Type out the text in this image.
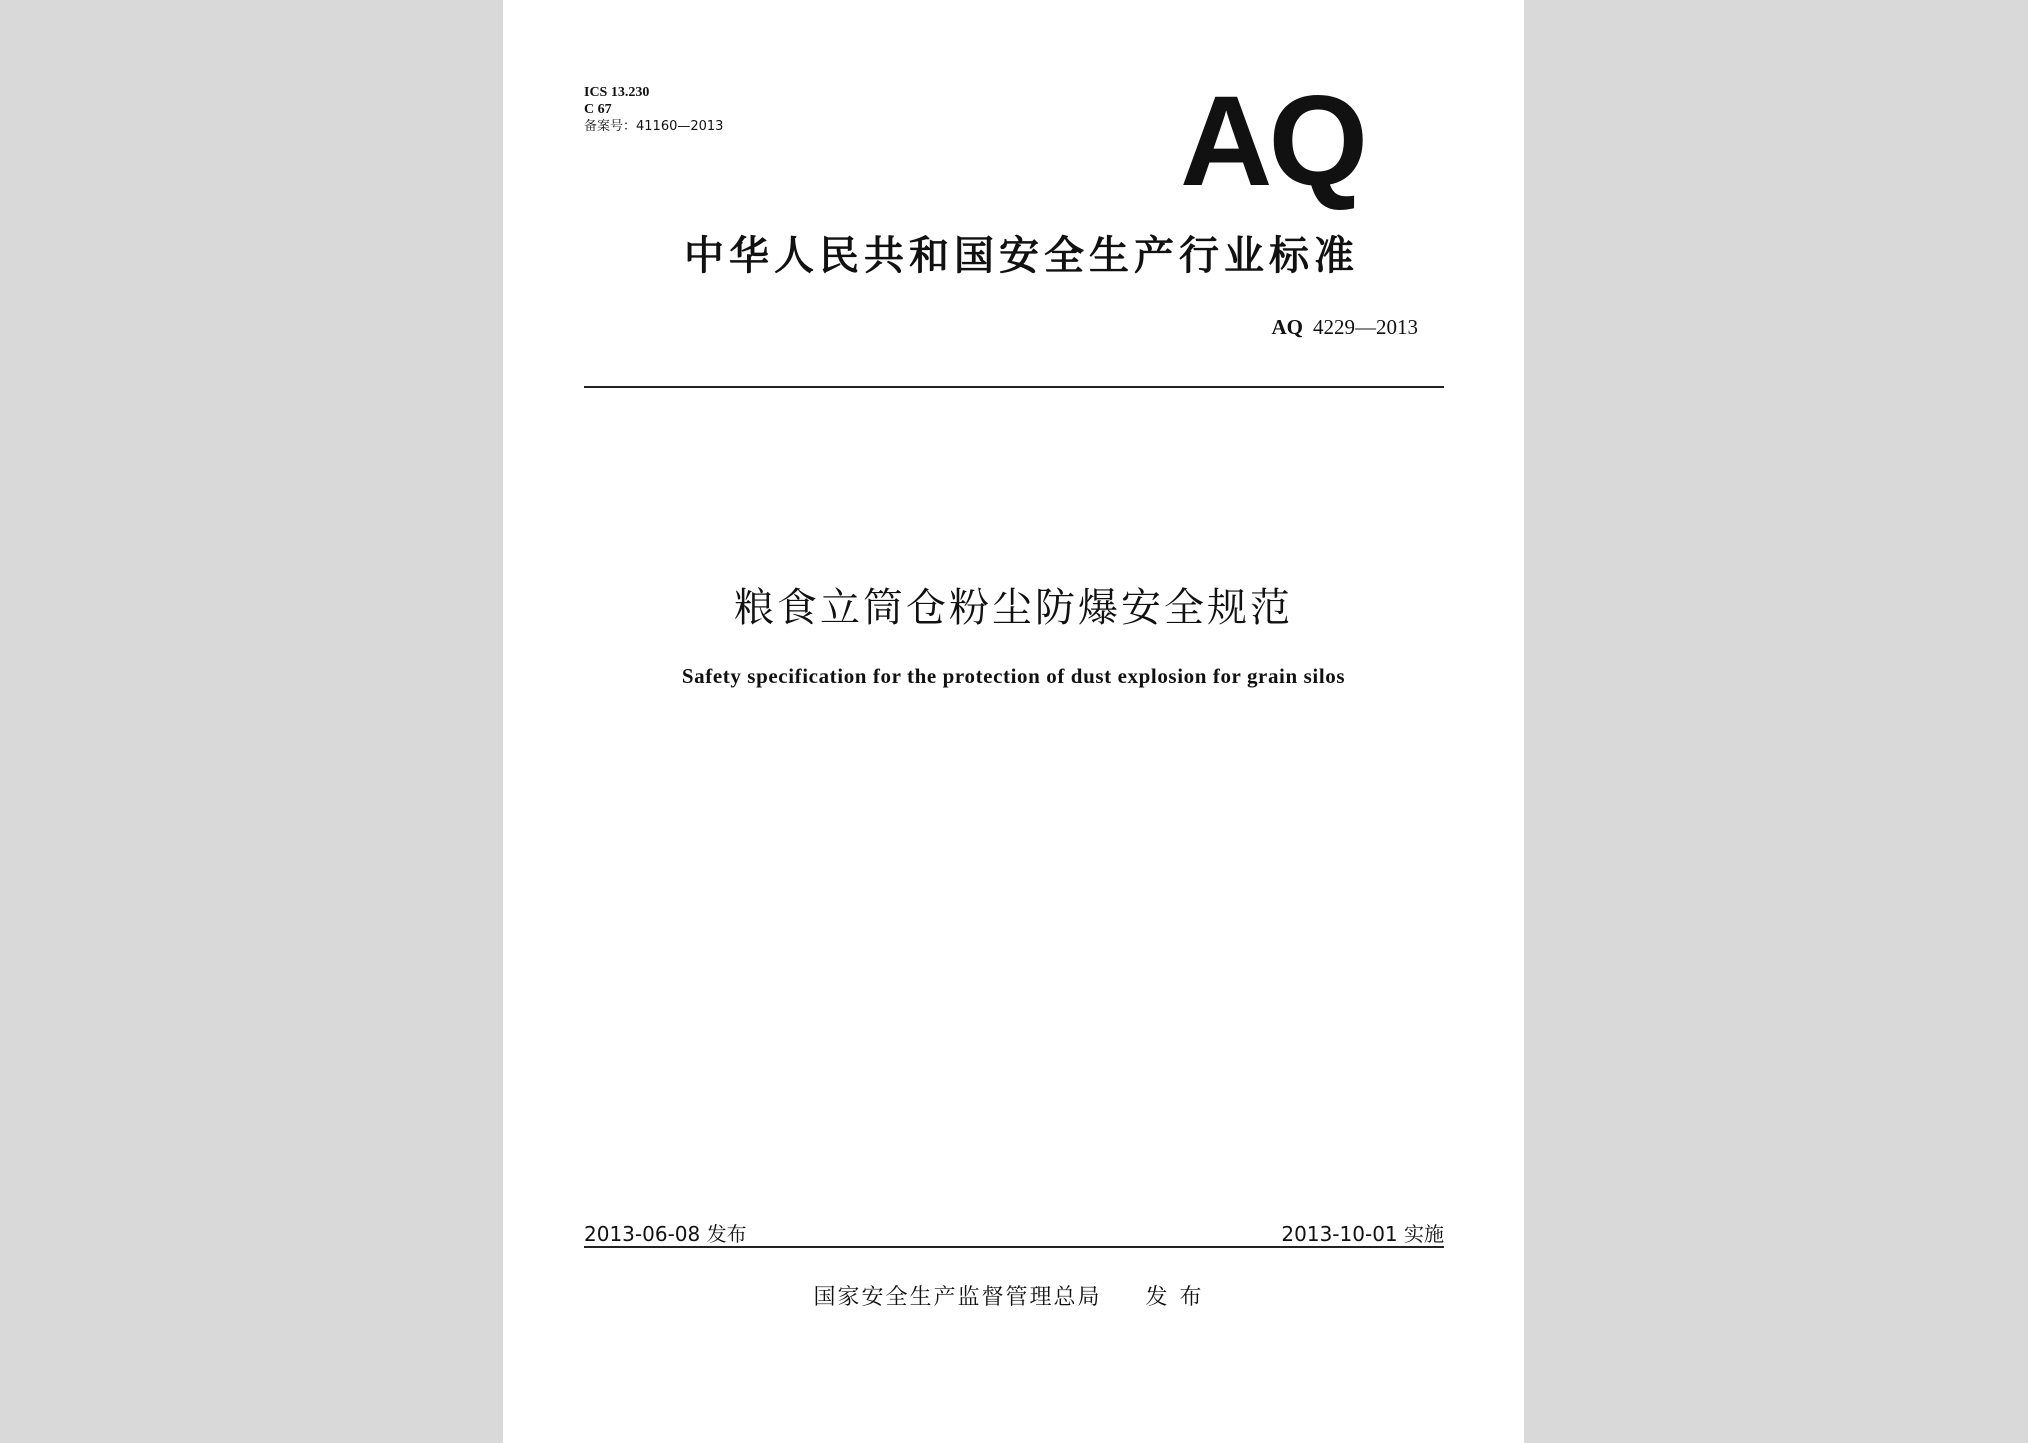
ICS 13.230
C 67
备案号：41160—2013	AQ
中华人民共和国安全生产行业标准
AQ 4229—2013
粮食立筒仓粉尘防爆安全规范
Safety specification for the protection of dust explosion for grain silos
2013-06-08 发布	2013-10-01 实施
国家安全生产监督管理总局 发布
